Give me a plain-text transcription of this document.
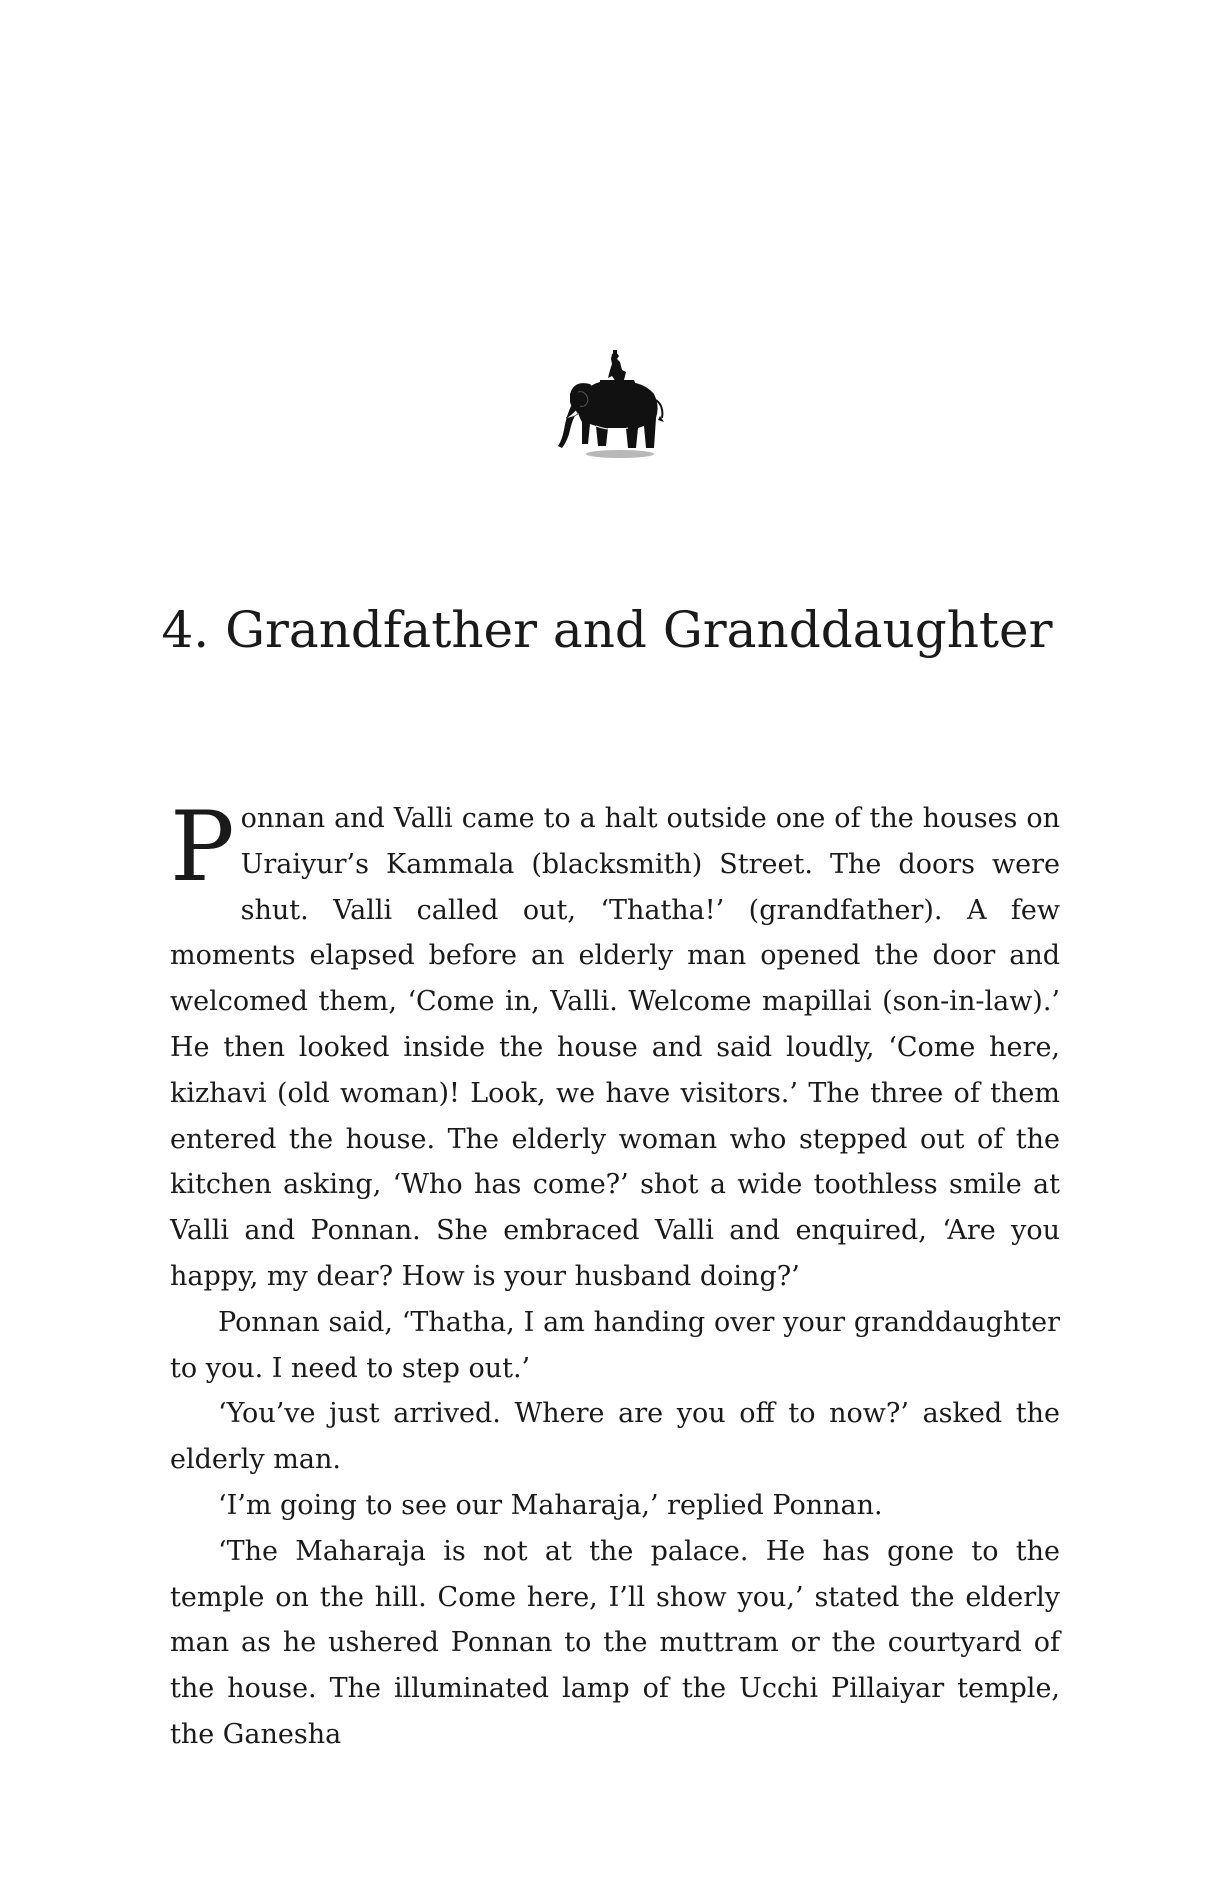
4. Grandfather and Granddaughter

Ponnan and Valli came to a halt outside one of the houses on Uraiyur’s Kammala (blacksmith) Street. The doors were shut. Valli called out, ‘Thatha!’ (grandfather). A few moments elapsed before an elderly man opened the door and welcomed them, ‘Come in, Valli. Welcome mapillai (son-in-law).’ He then looked inside the house and said loudly, ‘Come here, kizhavi (old woman)! Look, we have visitors.’ The three of them entered the house. The elderly woman who stepped out of the kitchen asking, ‘Who has come?’ shot a wide toothless smile at Valli and Ponnan. She embraced Valli and enquired, ‘Are you happy, my dear? How is your husband doing?’

Ponnan said, ‘Thatha, I am handing over your granddaughter to you. I need to step out.’

‘You’ve just arrived. Where are you off to now?’ asked the elderly man.

‘I’m going to see our Maharaja,’ replied Ponnan.

‘The Maharaja is not at the palace. He has gone to the temple on the hill. Come here, I’ll show you,’ stated the elderly man as he ushered Ponnan to the muttram or the courtyard of the house. The illuminated lamp of the Ucchi Pillaiyar temple, the Ganesha
